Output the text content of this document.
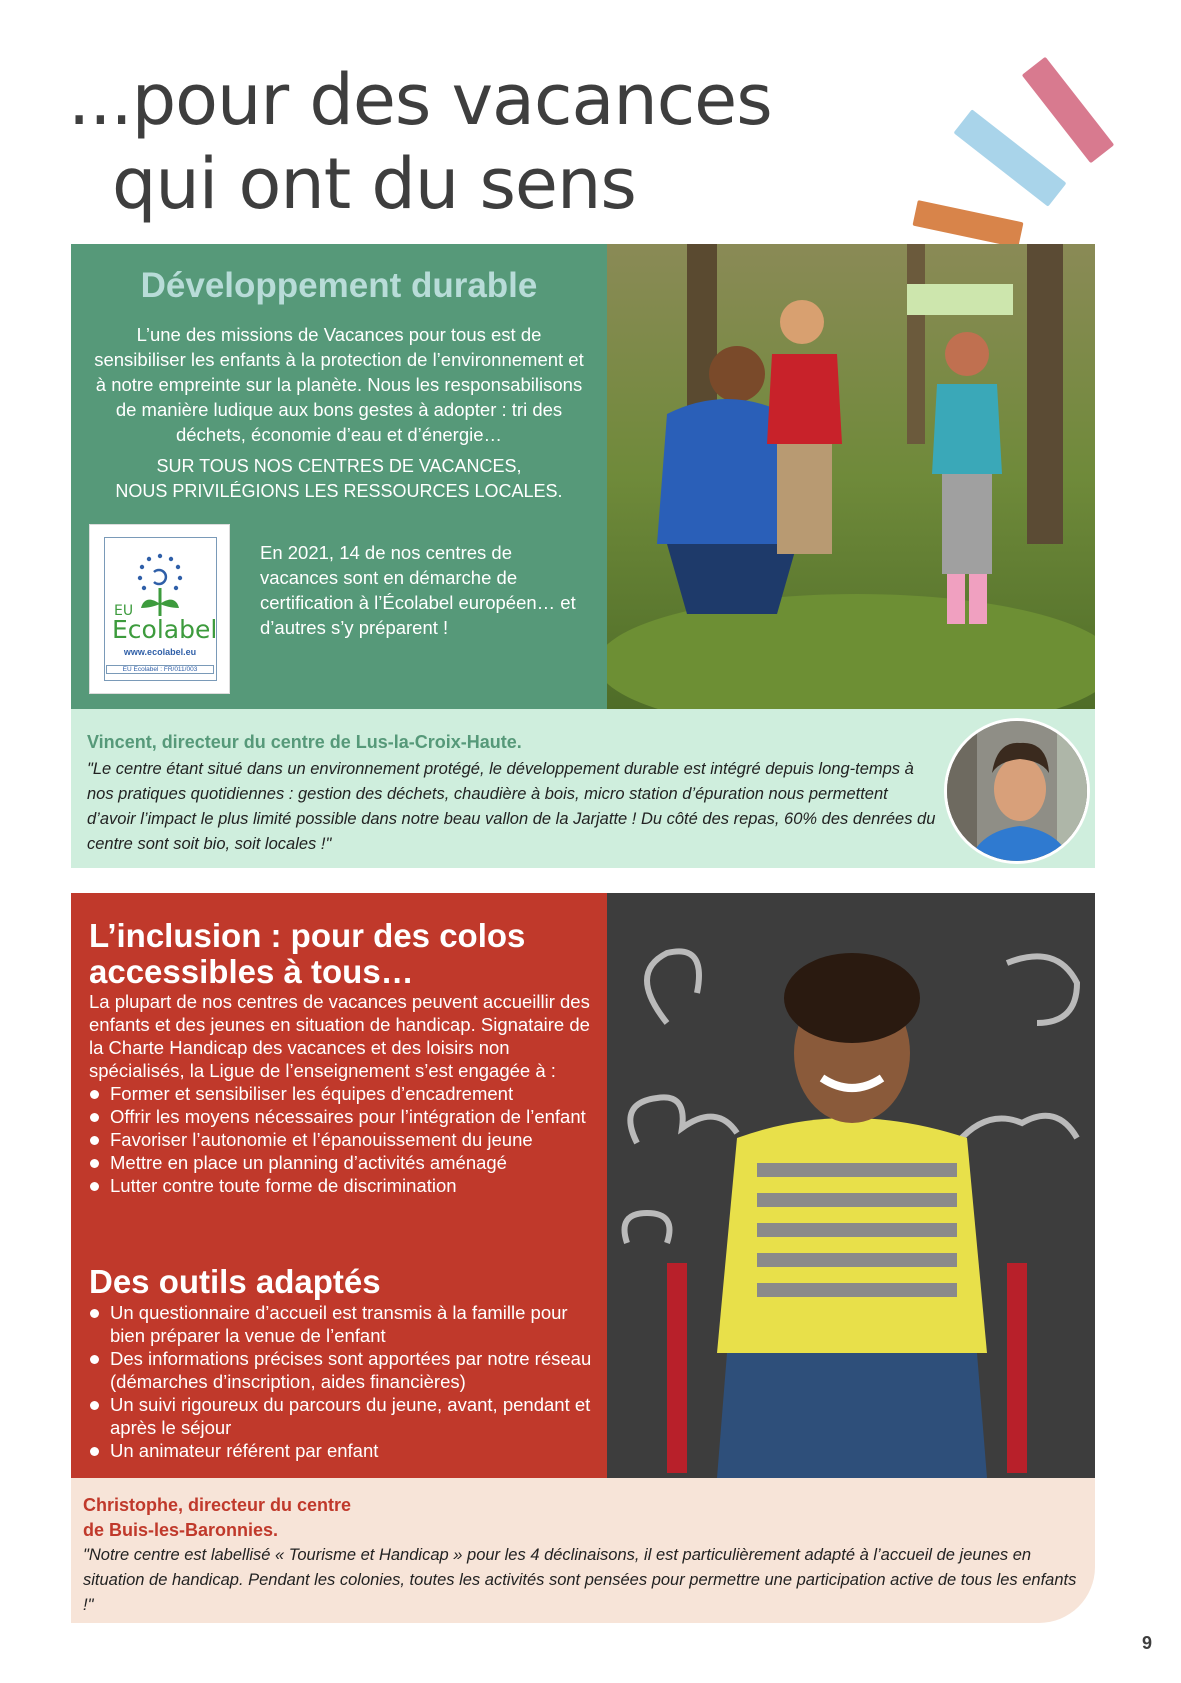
...pour des vacances
qui ont du sens
Développement durable
L’une des missions de Vacances pour tous est de sensibiliser les enfants à la protection de l’environnement et à notre empreinte sur la planète. Nous les responsabilisons de manière ludique aux bons gestes à adopter : tri des déchets, économie d’eau et d’énergie…
SUR TOUS NOS CENTRES DE VACANCES,
NOUS PRIVILÉGIONS LES RESSOURCES LOCALES.
EU
Ecolabel
www.ecolabel.eu
EU Ecolabel : FR/011/003
En 2021, 14 de nos centres de vacances sont en démarche de certification à l’Écolabel européen… et d’autres s’y préparent !
Vincent, directeur du centre de Lus-la-Croix-Haute.
"Le centre étant situé dans un environnement protégé, le développement durable est intégré depuis long-temps à nos pratiques quotidiennes : gestion des déchets, chaudière à bois, micro station d’épuration nous permettent d’avoir l’impact le plus limité possible dans notre beau vallon de la Jarjatte ! Du côté des repas, 60% des denrées du centre sont soit bio, soit locales !"
L’inclusion : pour des colos accessibles à tous…
La plupart de nos centres de vacances peuvent accueillir des enfants et des jeunes en situation de handicap. Signataire de la Charte Handicap des vacances et des loisirs non spécialisés, la Ligue de l’enseignement s’est engagée à :
Former et sensibiliser les équipes d’encadrement
Offrir les moyens nécessaires pour l’intégration de l’enfant
Favoriser l’autonomie et l’épanouissement du jeune
Mettre en place un planning d’activités aménagé
Lutter contre toute forme de discrimination
Des outils adaptés
Un questionnaire d’accueil est transmis à la famille pour bien préparer la venue de l’enfant
Des informations précises sont apportées par notre réseau (démarches d’inscription, aides financières)
Un suivi rigoureux du parcours du jeune, avant, pendant et après le séjour
Un animateur référent par enfant
Christophe, directeur du centre
de Buis-les-Baronnies.
"Notre centre est labellisé « Tourisme et Handicap » pour les 4 déclinaisons, il est particulièrement adapté à l’accueil de jeunes en situation de handicap. Pendant les colonies, toutes les activités sont pensées pour permettre une participation active de tous les enfants !"
9
